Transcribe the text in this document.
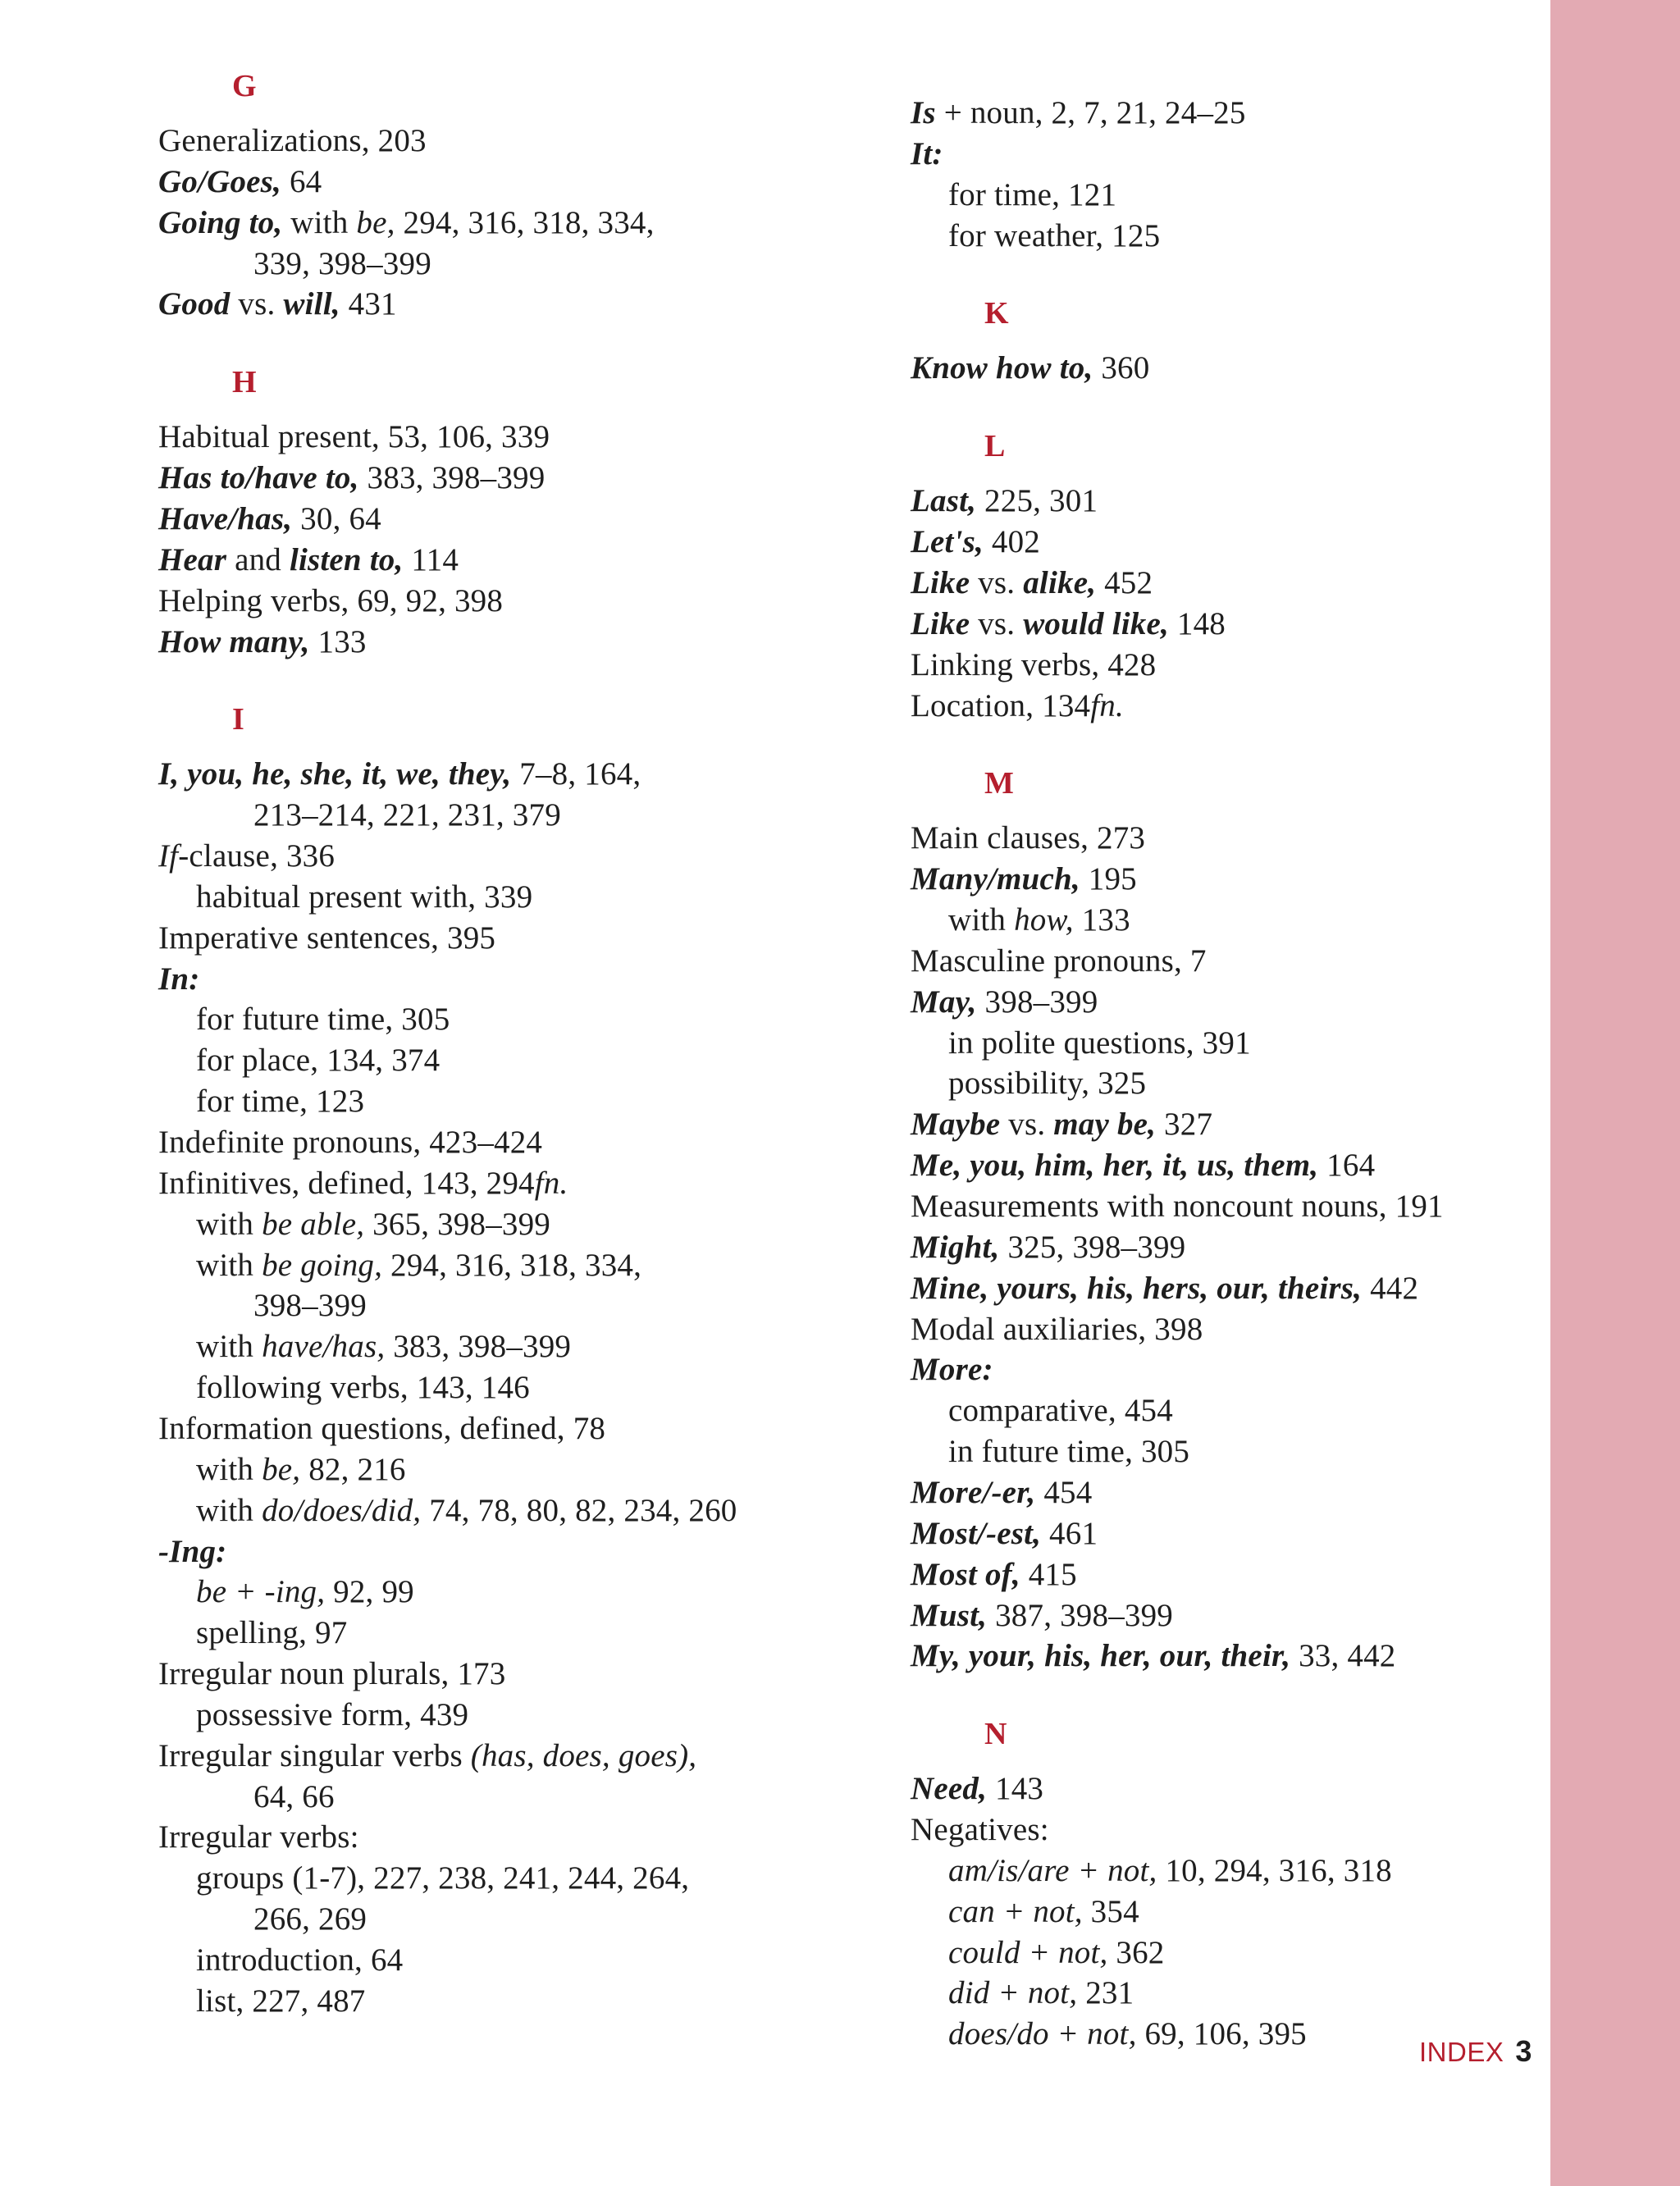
G
Generalizations, 203
Go/Goes, 64
Going to, with be, 294, 316, 318, 334,
339, 398–399
Good vs. will, 431
H
Habitual present, 53, 106, 339
Has to/have to, 383, 398–399
Have/has, 30, 64
Hear and listen to, 114
Helping verbs, 69, 92, 398
How many, 133
I
I, you, he, she, it, we, they, 7–8, 164,
213–214, 221, 231, 379
If-clause, 336
habitual present with, 339
Imperative sentences, 395
In:
for future time, 305
for place, 134, 374
for time, 123
Indefinite pronouns, 423–424
Infinitives, defined, 143, 294fn.
with be able, 365, 398–399
with be going, 294, 316, 318, 334,
398–399
with have/has, 383, 398–399
following verbs, 143, 146
Information questions, defined, 78
with be, 82, 216
with do/does/did, 74, 78, 80, 82, 234, 260
-Ing:
be + -ing, 92, 99
spelling, 97
Irregular noun plurals, 173
possessive form, 439
Irregular singular verbs (has, does, goes),
64, 66
Irregular verbs:
groups (1-7), 227, 238, 241, 244, 264,
266, 269
introduction, 64
list, 227, 487
Is + noun, 2, 7, 21, 24–25
It:
for time, 121
for weather, 125
K
Know how to, 360
L
Last, 225, 301
Let's, 402
Like vs. alike, 452
Like vs. would like, 148
Linking verbs, 428
Location, 134fn.
M
Main clauses, 273
Many/much, 195
with how, 133
Masculine pronouns, 7
May, 398–399
in polite questions, 391
possibility, 325
Maybe vs. may be, 327
Me, you, him, her, it, us, them, 164
Measurements with noncount nouns, 191
Might, 325, 398–399
Mine, yours, his, hers, our, theirs, 442
Modal auxiliaries, 398
More:
comparative, 454
in future time, 305
More/-er, 454
Most/-est, 461
Most of, 415
Must, 387, 398–399
My, your, his, her, our, their, 33, 442
N
Need, 143
Negatives:
am/is/are + not, 10, 294, 316, 318
can + not, 354
could + not, 362
did + not, 231
does/do + not, 69, 106, 395
INDEX 3
